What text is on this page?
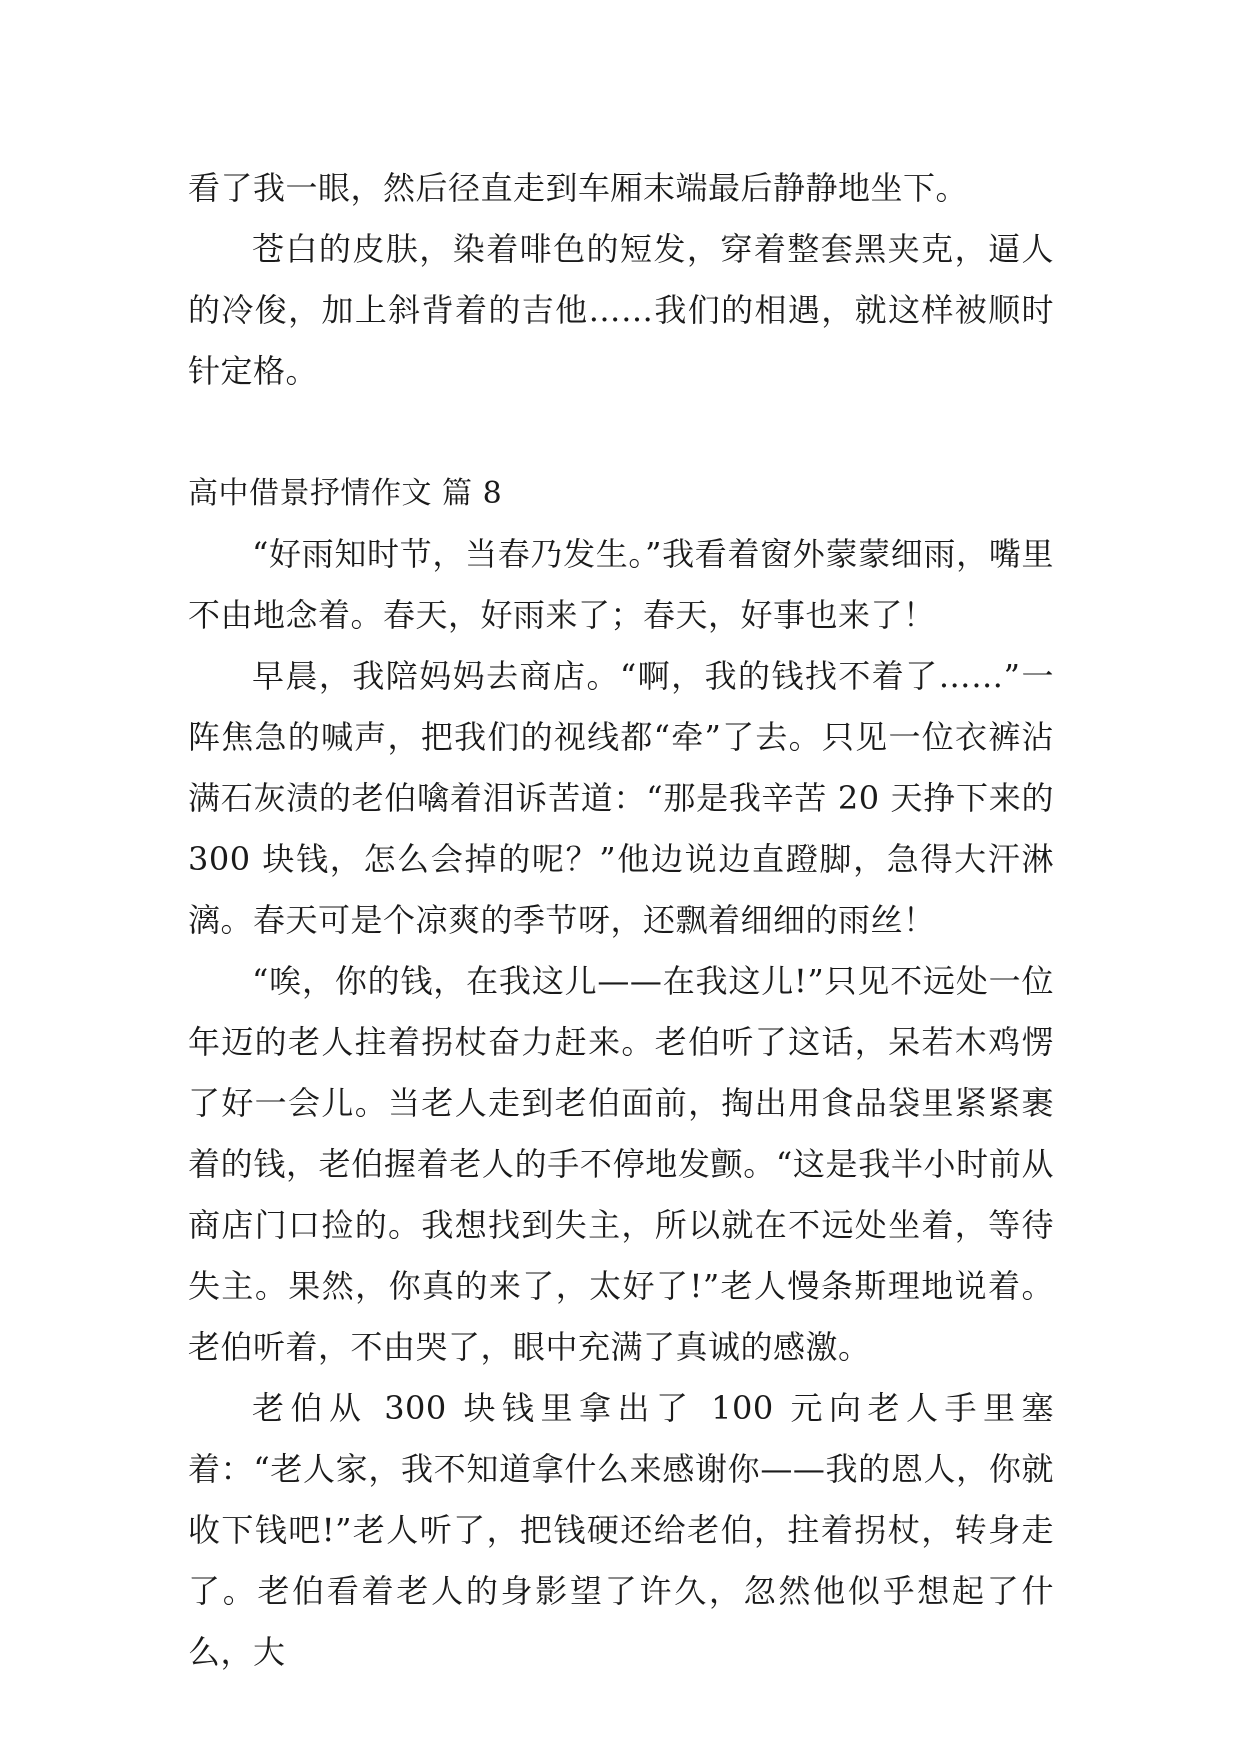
看了我一眼，然后径直走到车厢末端最后静静地坐下。

苍白的皮肤，染着啡色的短发，穿着整套黑夹克，逼人的冷俊，加上斜背着的吉他……我们的相遇，就这样被顺时针定格。

高中借景抒情作文 篇 8

“好雨知时节，当春乃发生。”我看着窗外蒙蒙细雨，嘴里不由地念着。春天，好雨来了；春天，好事也来了！

早晨，我陪妈妈去商店。“啊，我的钱找不着了……”一阵焦急的喊声，把我们的视线都“牵”了去。只见一位衣裤沾满石灰渍的老伯噙着泪诉苦道：“那是我辛苦 20 天挣下来的 300 块钱，怎么会掉的呢？”他边说边直蹬脚，急得大汗淋漓。春天可是个凉爽的季节呀，还飘着细细的雨丝！

“唉，你的钱，在我这儿——在我这儿!”只见不远处一位年迈的老人拄着拐杖奋力赶来。老伯听了这话，呆若木鸡愣了好一会儿。当老人走到老伯面前，掏出用食品袋里紧紧裹着的钱，老伯握着老人的手不停地发颤。“这是我半小时前从商店门口捡的。我想找到失主，所以就在不远处坐着，等待失主。果然，你真的来了，太好了!”老人慢条斯理地说着。老伯听着，不由哭了，眼中充满了真诚的感激。

老伯从 300 块钱里拿出了 100 元向老人手里塞着：“老人家，我不知道拿什么来感谢你——我的恩人，你就收下钱吧!”老人听了，把钱硬还给老伯，拄着拐杖，转身走了。老伯看着老人的身影望了许久，忽然他似乎想起了什么，大
